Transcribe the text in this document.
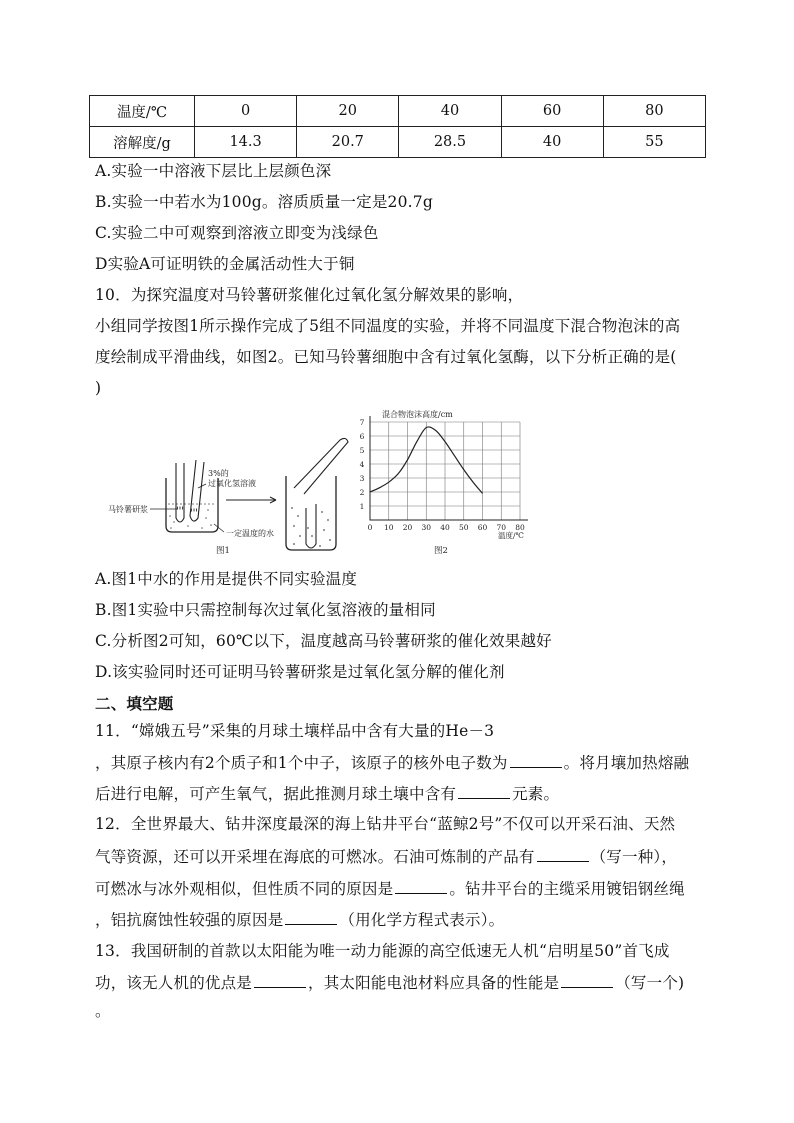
温度/℃	0	20	40	60	80
溶解度/g	14.3	20.7	28.5	40	55
A.实验一中溶液下层比上层颜色深
B.实验一中若水为100g。溶质质量一定是20.7g
C.实验二中可观察到溶液立即变为浅绿色
D实验A可证明铁的金属活动性大于铜
10．为探究温度对马铃薯研浆催化过氧化氢分解效果的影响，
小组同学按图1所示操作完成了5组不同温度的实验，并将不同温度下混合物泡沫的高
度绘制成平滑曲线，如图2。已知马铃薯细胞中含有过氧化氢酶，以下分析正确的是(
)
3%的
过氧化氢溶液
马铃薯研浆
一定温度的水
图1
混合物泡沫高度/cm
1
2
3
4
5
6
7
0 10 20 30 40 50 60 70 80
温度/℃
图2
A.图1中水的作用是提供不同实验温度
B.图1实验中只需控制每次过氧化氢溶液的量相同
C.分析图2可知，60℃以下，温度越高马铃薯研浆的催化效果越好
D.该实验同时还可证明马铃薯研浆是过氧化氢分解的催化剂
二、填空题
11．“嫦娥五号”采集的月球土壤样品中含有大量的He－3
，其原子核内有2个质子和1个中子，该原子的核外电子数为	。将月壤加热熔融
后进行电解，可产生氧气，据此推测月球土壤中含有	元素。
12．全世界最大、钻井深度最深的海上钻井平台“蓝鲸2号”不仅可以开采石油、天然
气等资源，还可以开采埋在海底的可燃冰。石油可炼制的产品有	（写一种），
可燃冰与冰外观相似，但性质不同的原因是	。钻井平台的主缆采用镀铝钢丝绳
，铝抗腐蚀性较强的原因是	（用化学方程式表示）。
13．我国研制的首款以太阳能为唯一动力能源的高空低速无人机“启明星50”首飞成
功，该无人机的优点是	，其太阳能电池材料应具备的性能是	（写一个)
。
